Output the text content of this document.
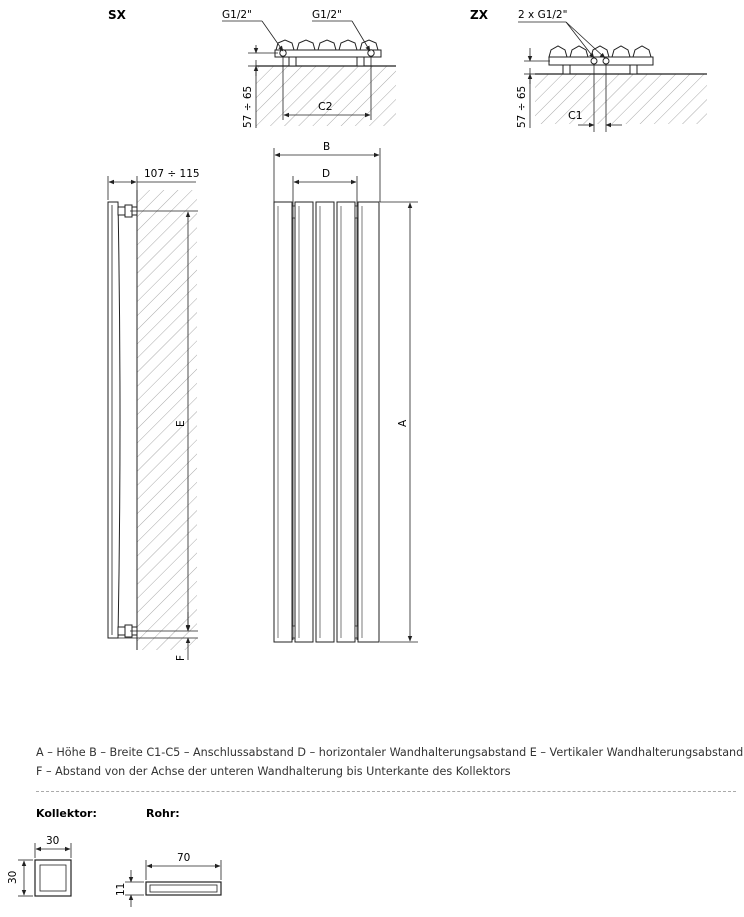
SX	G1/2"	G1/2"
57 ÷ 65	C2
ZX	2 x G1/2"
57 ÷ 65	C1
107 ÷ 115
E
F
B
D
A
Kollektor:
30
30
Rohr:
70
11
A – Höhe B – Breite C1-C5 – Anschlussabstand D – horizontaler Wandhalterungsabstand E – Vertikaler Wandhalterungsabstand
F – Abstand von der Achse der unteren Wandhalterung bis Unterkante des Kollektors
